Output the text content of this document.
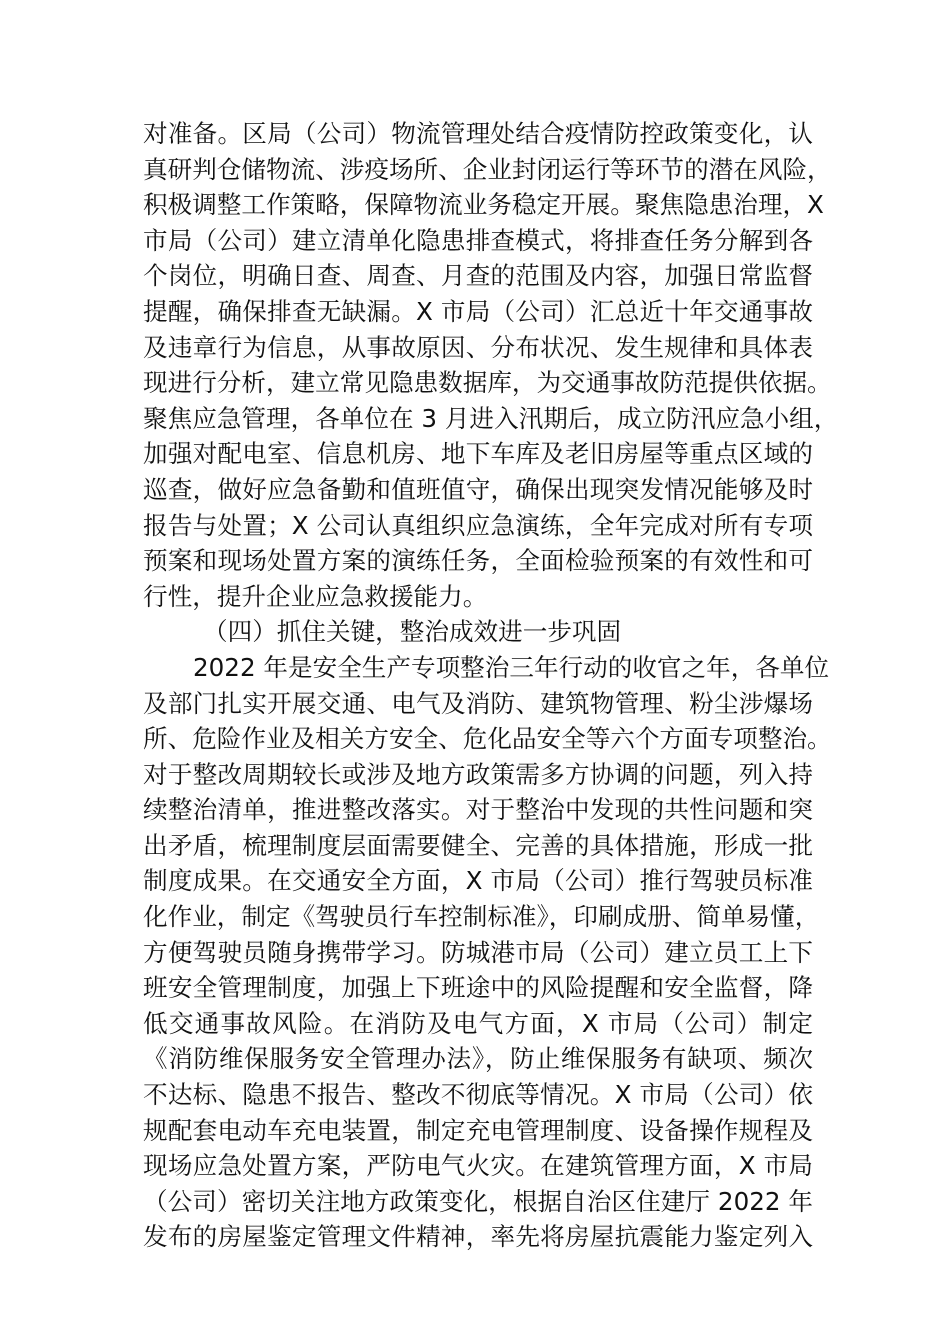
对准备。区局（公司）物流管理处结合疫情防控政策变化，认
真研判仓储物流、涉疫场所、企业封闭运行等环节的潜在风险，
积极调整工作策略，保障物流业务稳定开展。聚焦隐患治理，X
市局（公司）建立清单化隐患排查模式，将排查任务分解到各
个岗位，明确日查、周查、月查的范围及内容，加强日常监督
提醒，确保排查无缺漏。X 市局（公司）汇总近十年交通事故
及违章行为信息，从事故原因、分布状况、发生规律和具体表
现进行分析，建立常见隐患数据库，为交通事故防范提供依据。
聚焦应急管理，各单位在 3 月进入汛期后，成立防汛应急小组，
加强对配电室、信息机房、地下车库及老旧房屋等重点区域的
巡查，做好应急备勤和值班值守，确保出现突发情况能够及时
报告与处置；X 公司认真组织应急演练，全年完成对所有专项
预案和现场处置方案的演练任务，全面检验预案的有效性和可
行性，提升企业应急救援能力。
（四）抓住关键，整治成效进一步巩固
2022 年是安全生产专项整治三年行动的收官之年，各单位
及部门扎实开展交通、电气及消防、建筑物管理、粉尘涉爆场
所、危险作业及相关方安全、危化品安全等六个方面专项整治。
对于整改周期较长或涉及地方政策需多方协调的问题，列入持
续整治清单，推进整改落实。对于整治中发现的共性问题和突
出矛盾，梳理制度层面需要健全、完善的具体措施，形成一批
制度成果。在交通安全方面，X 市局（公司）推行驾驶员标准
化作业，制定《驾驶员行车控制标准》，印刷成册、简单易懂，
方便驾驶员随身携带学习。防城港市局（公司）建立员工上下
班安全管理制度，加强上下班途中的风险提醒和安全监督，降
低交通事故风险。在消防及电气方面，X 市局（公司）制定
《消防维保服务安全管理办法》，防止维保服务有缺项、频次
不达标、隐患不报告、整改不彻底等情况。X 市局（公司）依
规配套电动车充电装置，制定充电管理制度、设备操作规程及
现场应急处置方案，严防电气火灾。在建筑管理方面，X 市局
（公司）密切关注地方政策变化，根据自治区住建厅 2022 年
发布的房屋鉴定管理文件精神，率先将房屋抗震能力鉴定列入
